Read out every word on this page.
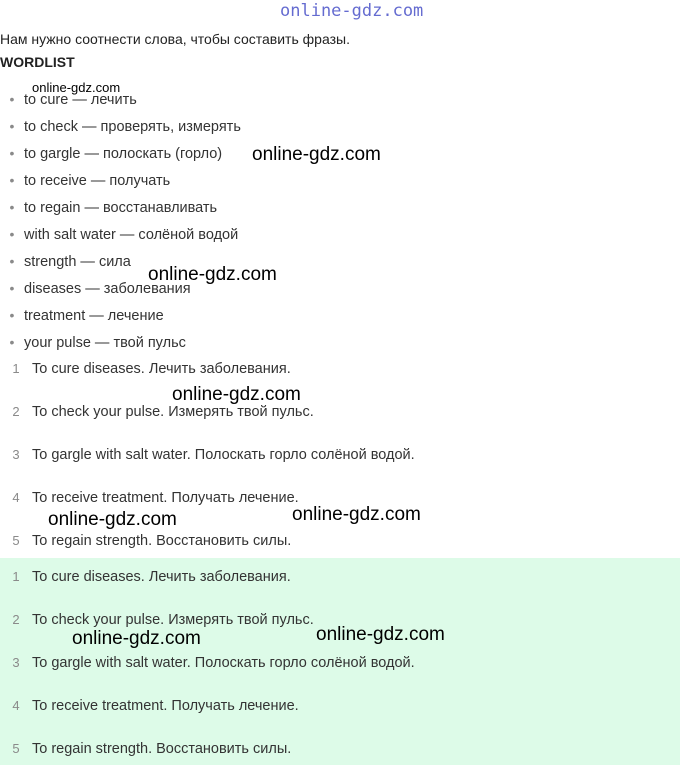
online-gdz.com
Нам нужно соотнести слова, чтобы составить фразы.
WORDLIST
• to cure — лечить
• to check — проверять, измерять
• to gargle — полоскать (горло)
• to receive — получать
• to regain — восстанавливать
• with salt water — солёной водой
• strength — сила
• diseases — заболевания
• treatment — лечение
• your pulse — твой пульс
1 To cure diseases. Лечить заболевания.
2 To check your pulse. Измерять твой пульс.
3 To gargle with salt water. Полоскать горло солёной водой.
4 To receive treatment. Получать лечение.
5 To regain strength. Восстановить силы.
1 To cure diseases. Лечить заболевания.
2 To check your pulse. Измерять твой пульс.
3 To gargle with salt water. Полоскать горло солёной водой.
4 To receive treatment. Получать лечение.
5 To regain strength. Восстановить силы.
online-gdz.com
online-gdz.com
online-gdz.com
online-gdz.com
online-gdz.com	online-gdz.com
online-gdz.com	online-gdz.com
